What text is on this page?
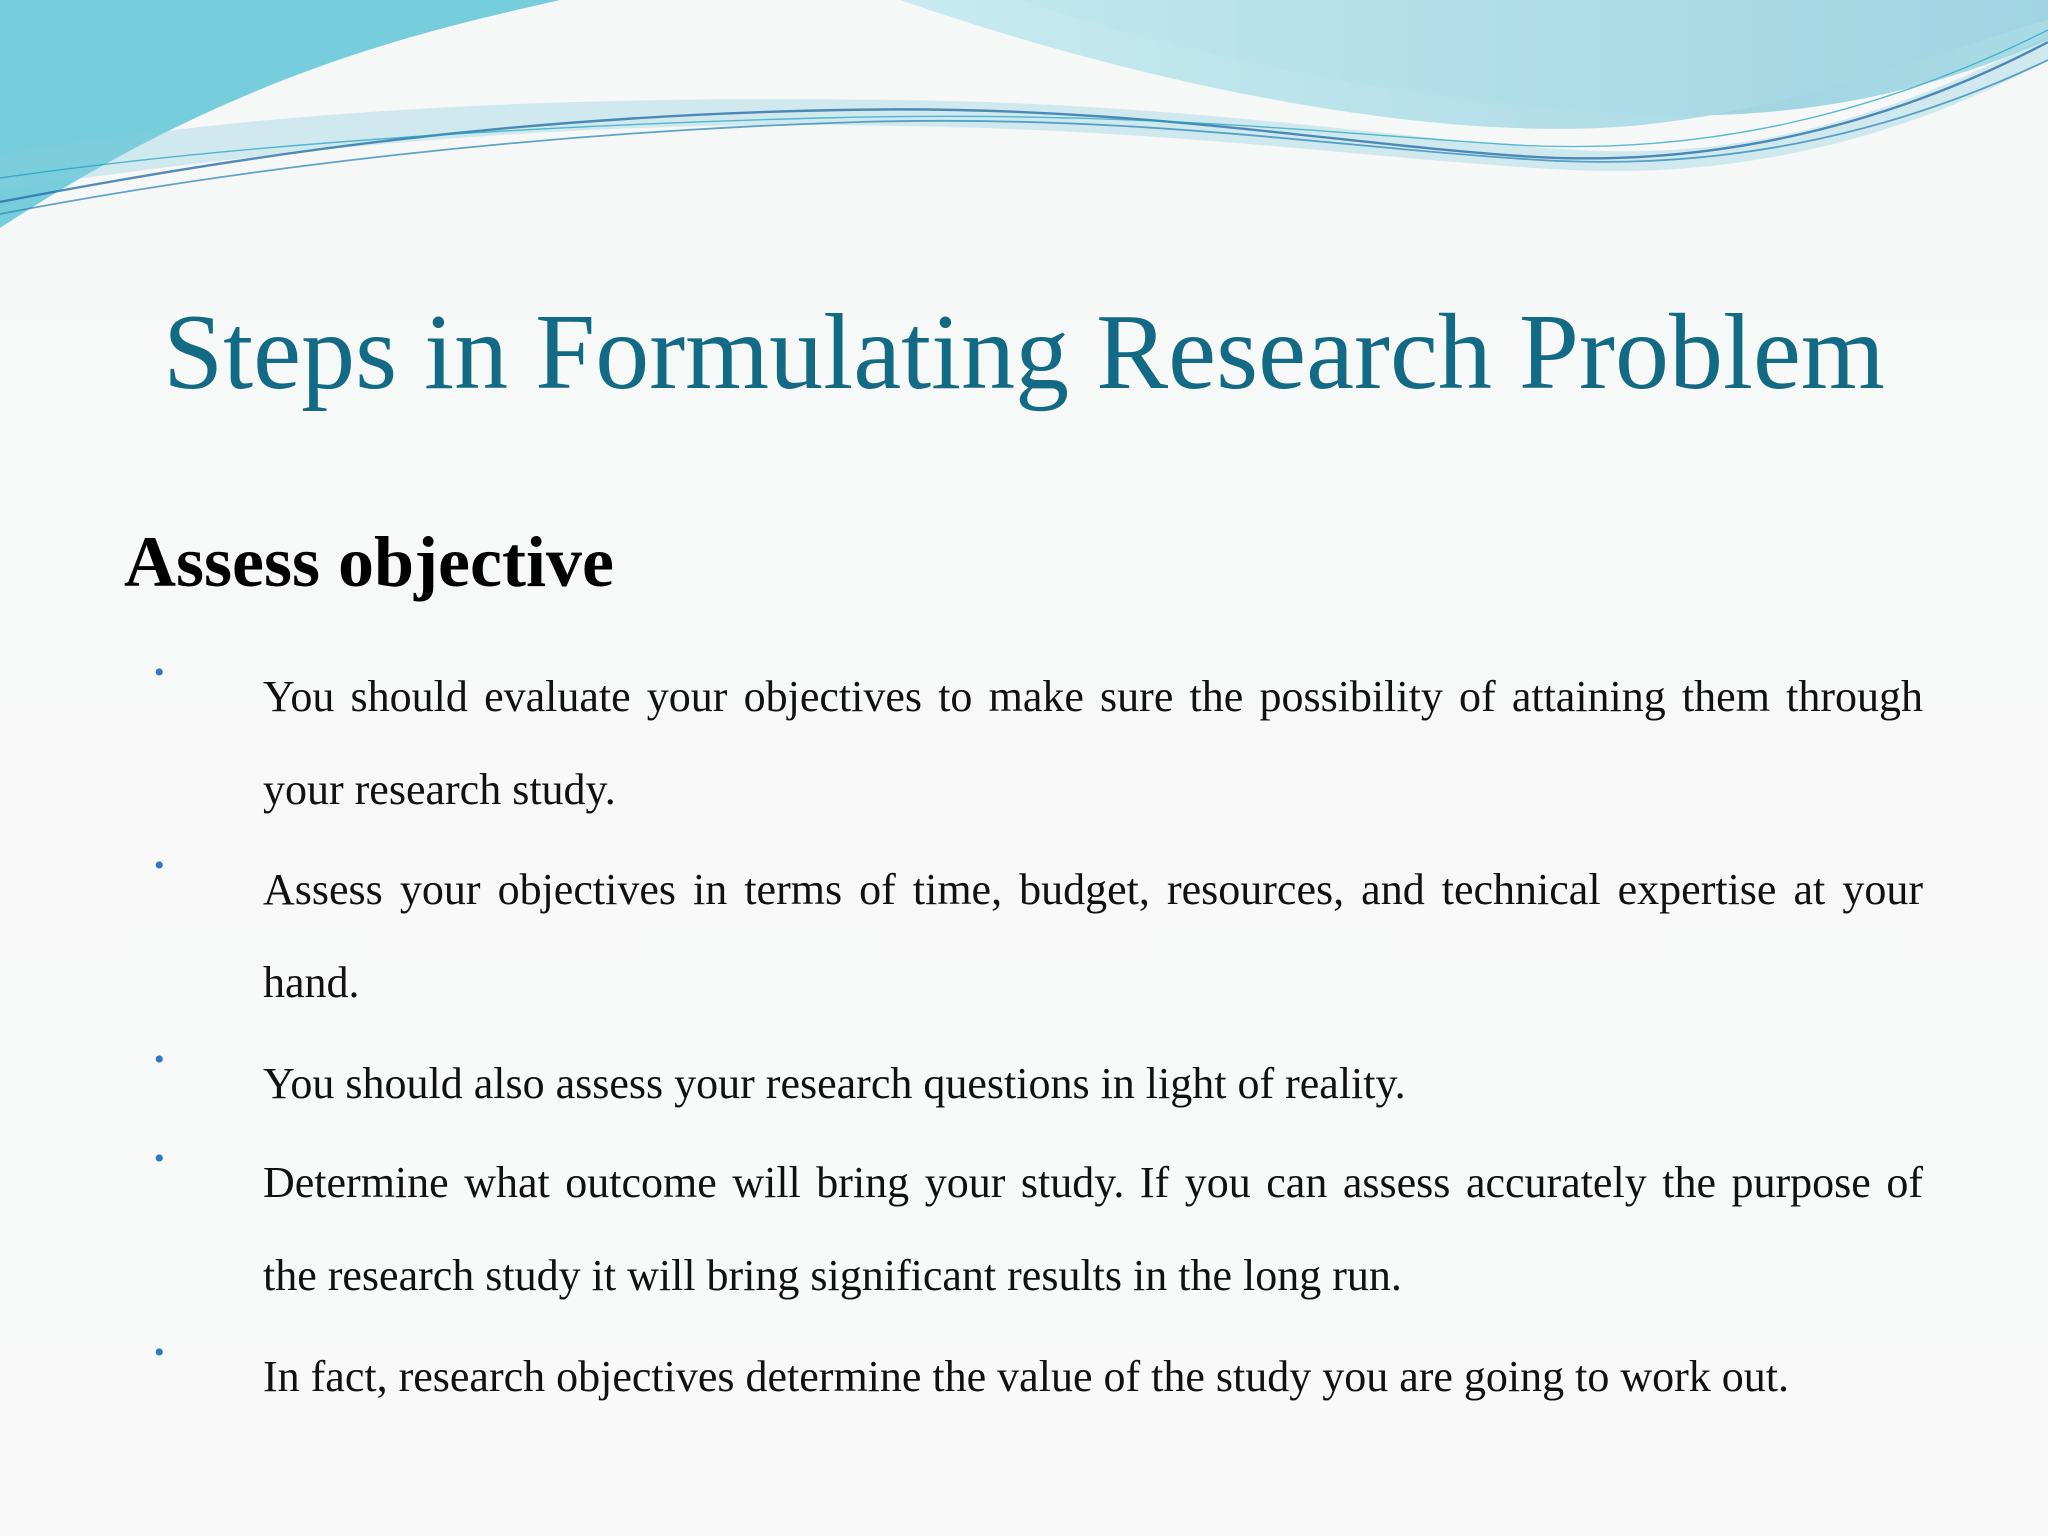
Steps in Formulating Research Problem
Assess objective
• You should evaluate your objectives to make sure the possibility of attaining them through your research study.
• Assess your objectives in terms of time, budget, resources, and technical expertise at your hand.
• You should also assess your research questions in light of reality.
• Determine what outcome will bring your study. If you can assess accurately the purpose of the research study it will bring significant results in the long run.
• In fact, research objectives determine the value of the study you are going to work out.
